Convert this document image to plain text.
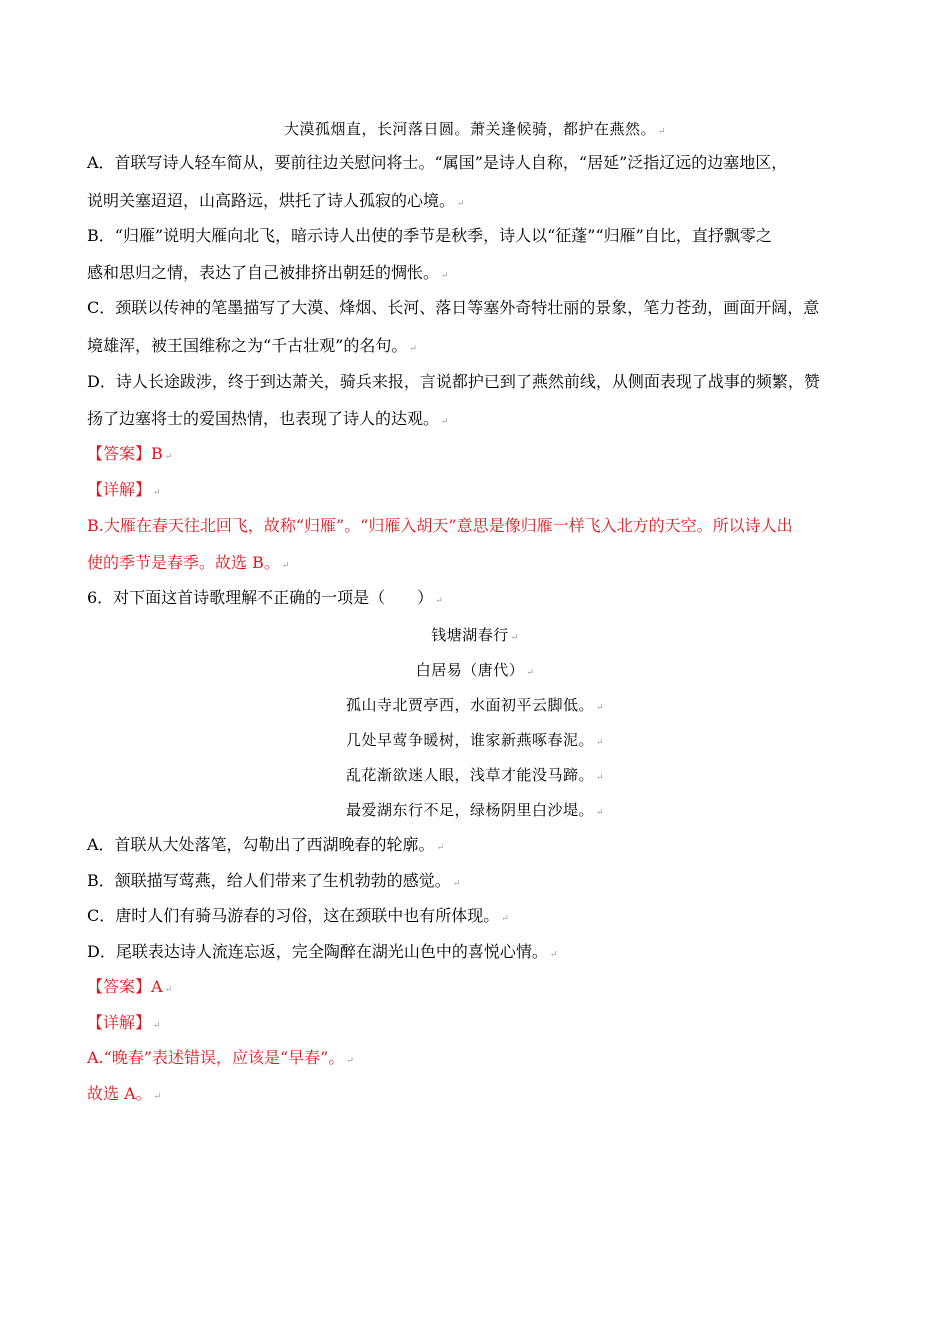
大漠孤烟直，长河落日圆。萧关逢候骑，都护在燕然。 ↵
A．首联写诗人轻车简从，要前往边关慰问将士。“属国”是诗人自称，“居延”泛指辽远的边塞地区，
说明关塞迢迢，山高路远，烘托了诗人孤寂的心境。 ↵
B．“归雁”说明大雁向北飞，暗示诗人出使的季节是秋季，诗人以“征蓬”“归雁”自比，直抒飘零之
感和思归之情，表达了自己被排挤出朝廷的惆怅。 ↵
C．颈联以传神的笔墨描写了大漠、烽烟、长河、落日等塞外奇特壮丽的景象，笔力苍劲，画面开阔，意
境雄浑，被王国维称之为“千古壮观”的名句。 ↵
D．诗人长途跋涉，终于到达萧关，骑兵来报，言说都护已到了燕然前线，从侧面表现了战事的频繁，赞
扬了边塞将士的爱国热情，也表现了诗人的达观。 ↵
【答案】B ↵
【详解】 ↵
B.大雁在春天往北回飞，故称“归雁”。“归雁入胡天”意思是像归雁一样飞入北方的天空。所以诗人出
使的季节是春季。故选 B。 ↵
6．对下面这首诗歌理解不正确的一项是（　　） ↵
钱塘湖春行 ↵
白居易（唐代） ↵
孤山寺北贾亭西，水面初平云脚低。 ↵
几处早莺争暖树，谁家新燕啄春泥。 ↵
乱花渐欲迷人眼，浅草才能没马蹄。 ↵
最爱湖东行不足，绿杨阴里白沙堤。 ↵
A．首联从大处落笔，勾勒出了西湖晚春的轮廓。 ↵
B．颔联描写莺燕，给人们带来了生机勃勃的感觉。 ↵
C．唐时人们有骑马游春的习俗，这在颈联中也有所体现。 ↵
D．尾联表达诗人流连忘返，完全陶醉在湖光山色中的喜悦心情。 ↵
【答案】A ↵
【详解】 ↵
A.“晚春”表述错误，应该是“早春”。 ↵
故选 A。 ↵
